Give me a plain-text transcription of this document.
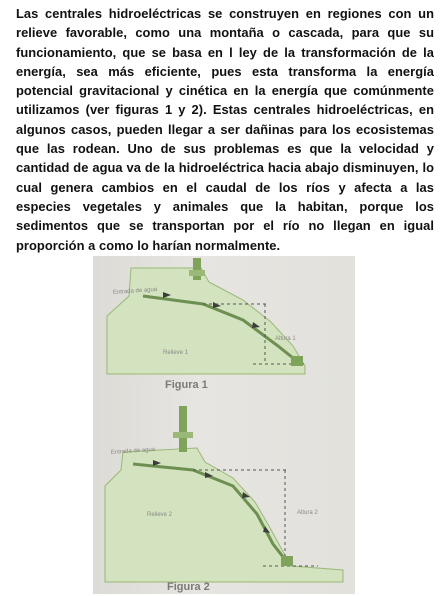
Las centrales hidroeléctricas se construyen en regiones con un relieve favorable, como una montaña o cascada, para que su funcionamiento, que se basa en l ley de la transformación de la energía, sea más eficiente, pues esta transforma la energía potencial gravitacional y cinética en la energía que comúnmente utilizamos (ver figuras 1 y 2). Estas centrales hidroeléctricas, en algunos casos, pueden llegar a ser dañinas para los ecosistemas que las rodean. Uno de sus problemas es que la velocidad y cantidad de agua va de la hidroeléctrica hacia abajo disminuyen, lo cual genera cambios en el caudal de los ríos y afecta a las especies vegetales y animales que la habitan, porque los sedimentos que se transportan por el río no llegan en igual proporción a como lo harían normalmente.

Entrada de agua
Relieve 1
Altura 1
Figura 1
Entrada de agua
Relieve 2	Altura 2
Figura 2
